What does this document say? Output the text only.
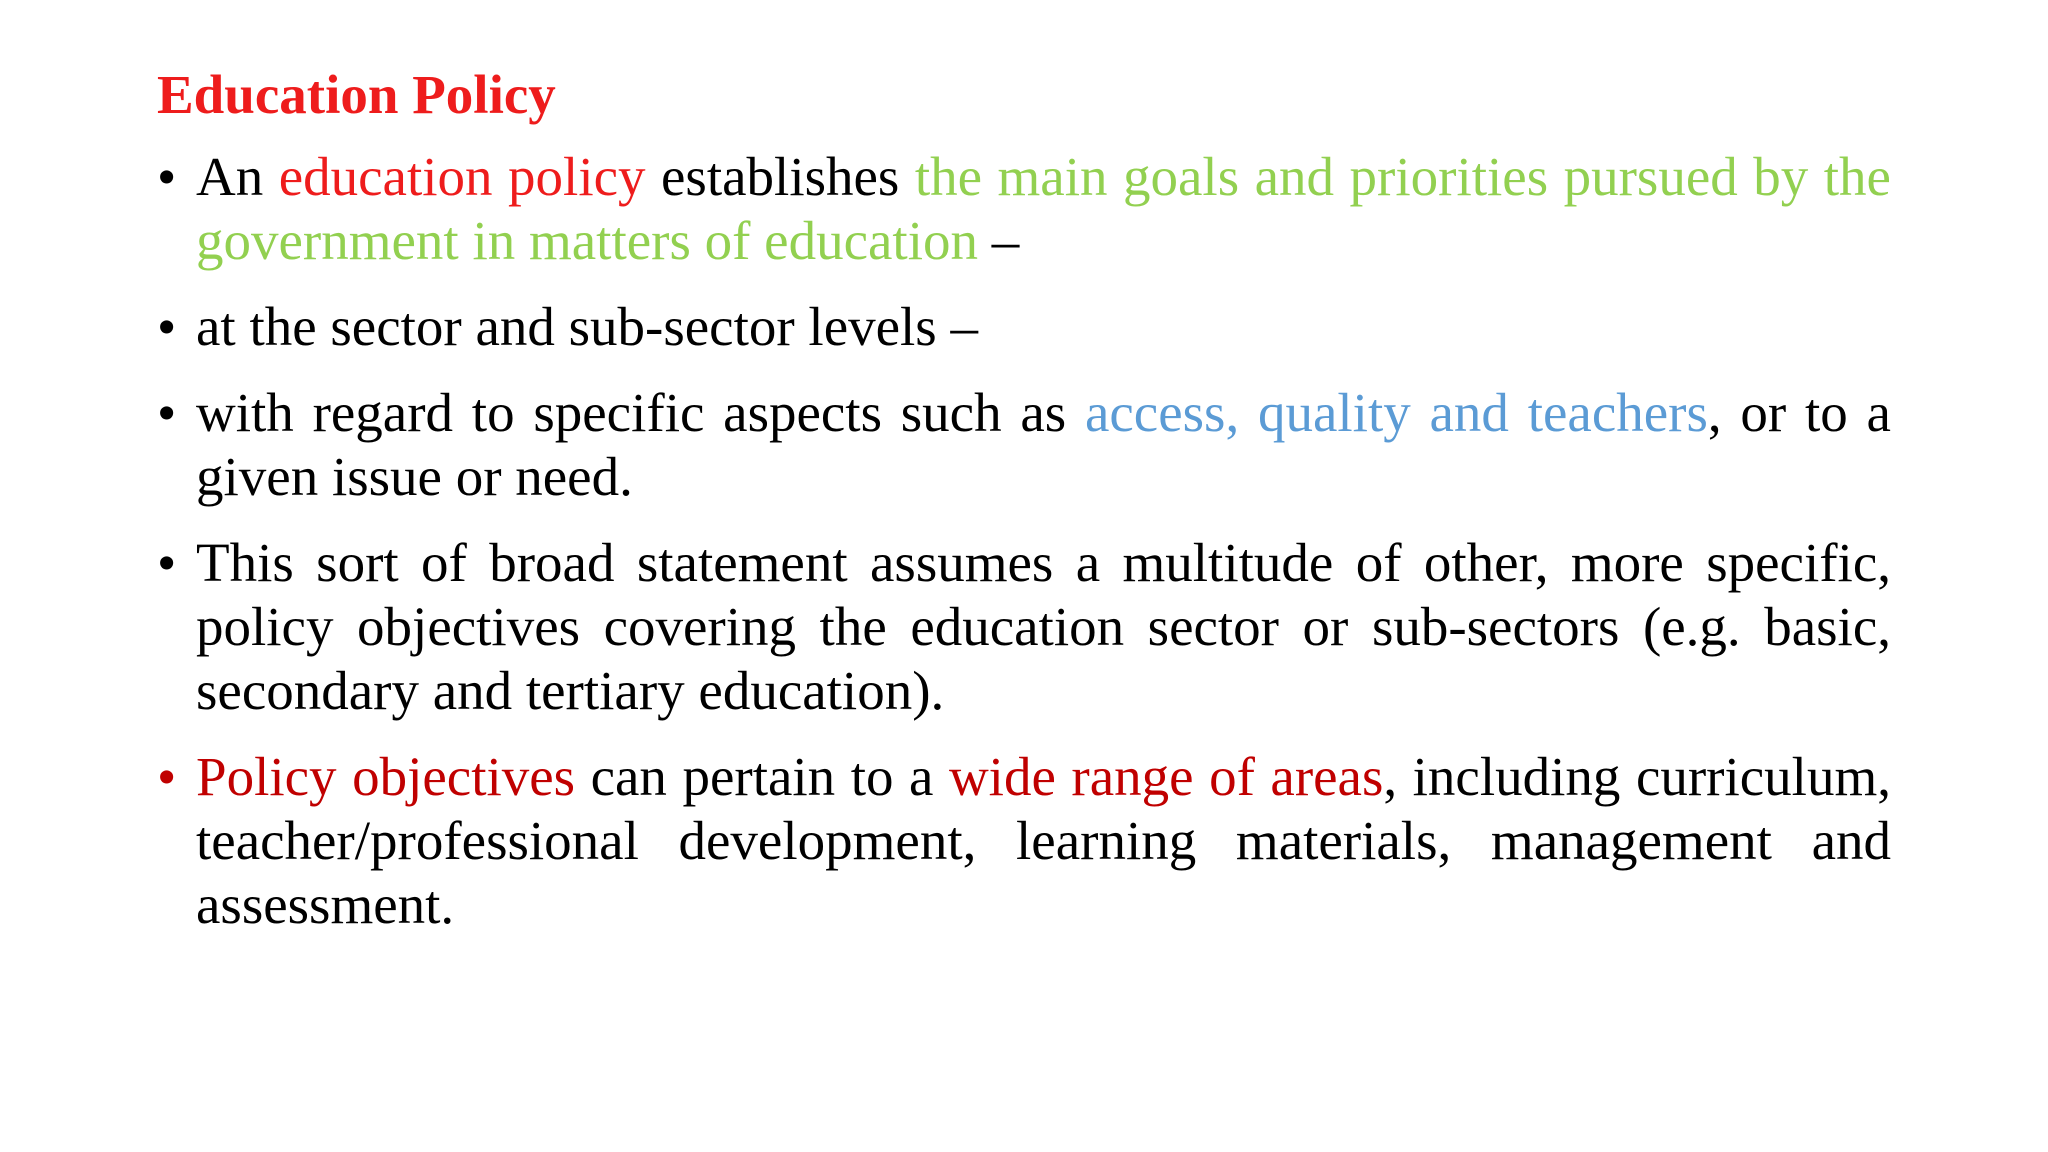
Education Policy
• An education policy establishes the main goals and priorities pursued by the government in matters of education –
• at the sector and sub-sector levels –
• with regard to specific aspects such as access, quality and teachers, or to a given issue or need.
• This sort of broad statement assumes a multitude of other, more specific, policy objectives covering the education sector or sub-sectors (e.g. basic, secondary and tertiary education).
• Policy objectives can pertain to a wide range of areas, including curriculum, teacher/professional development, learning materials, management and assessment.
